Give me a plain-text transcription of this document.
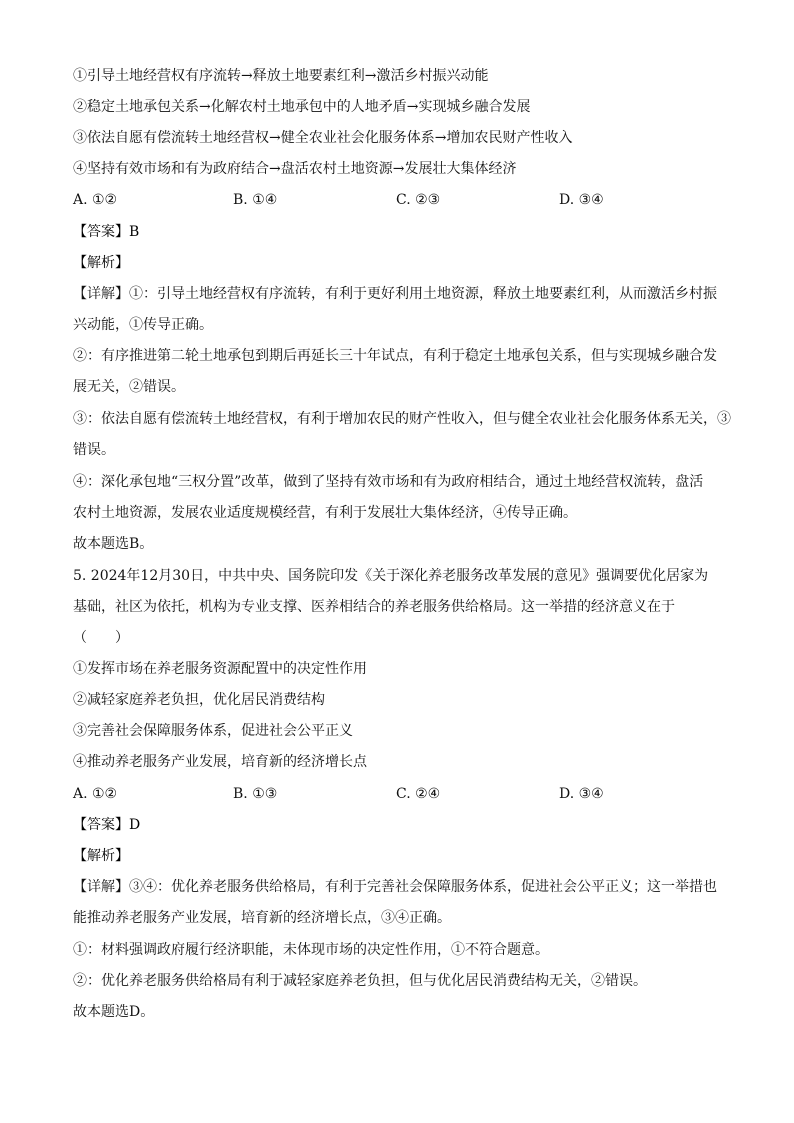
①引导土地经营权有序流转→释放土地要素红利→激活乡村振兴动能
②稳定土地承包关系→化解农村土地承包中的人地矛盾→实现城乡融合发展
③依法自愿有偿流转土地经营权→健全农业社会化服务体系→增加农民财产性收入
④坚持有效市场和有为政府结合→盘活农村土地资源→发展壮大集体经济
A. ①②	B. ①④	C. ②③	D. ③④
【答案】B
【解析】
【详解】①：引导土地经营权有序流转，有利于更好利用土地资源，释放土地要素红利，从而激活乡村振
兴动能，①传导正确。
②：有序推进第二轮土地承包到期后再延长三十年试点，有利于稳定土地承包关系，但与实现城乡融合发
展无关，②错误。
③：依法自愿有偿流转土地经营权，有利于增加农民的财产性收入，但与健全农业社会化服务体系无关，③
错误。
④：深化承包地“三权分置”改革，做到了坚持有效市场和有为政府相结合，通过土地经营权流转，盘活
农村土地资源，发展农业适度规模经营，有利于发展壮大集体经济，④传导正确。
故本题选B。
5. 2024年12月30日，中共中央、国务院印发《关于深化养老服务改革发展的意见》强调要优化居家为
基础，社区为依托，机构为专业支撑、医养相结合的养老服务供给格局。这一举措的经济意义在于
（　　）
①发挥市场在养老服务资源配置中的决定性作用
②减轻家庭养老负担，优化居民消费结构
③完善社会保障服务体系，促进社会公平正义
④推动养老服务产业发展，培育新的经济增长点
A. ①②	B. ①③	C. ②④	D. ③④
【答案】D
【解析】
【详解】③④：优化养老服务供给格局，有利于完善社会保障服务体系，促进社会公平正义；这一举措也
能推动养老服务产业发展，培育新的经济增长点，③④正确。
①：材料强调政府履行经济职能，未体现市场的决定性作用，①不符合题意。
②：优化养老服务供给格局有利于减轻家庭养老负担，但与优化居民消费结构无关，②错误。
故本题选D。
